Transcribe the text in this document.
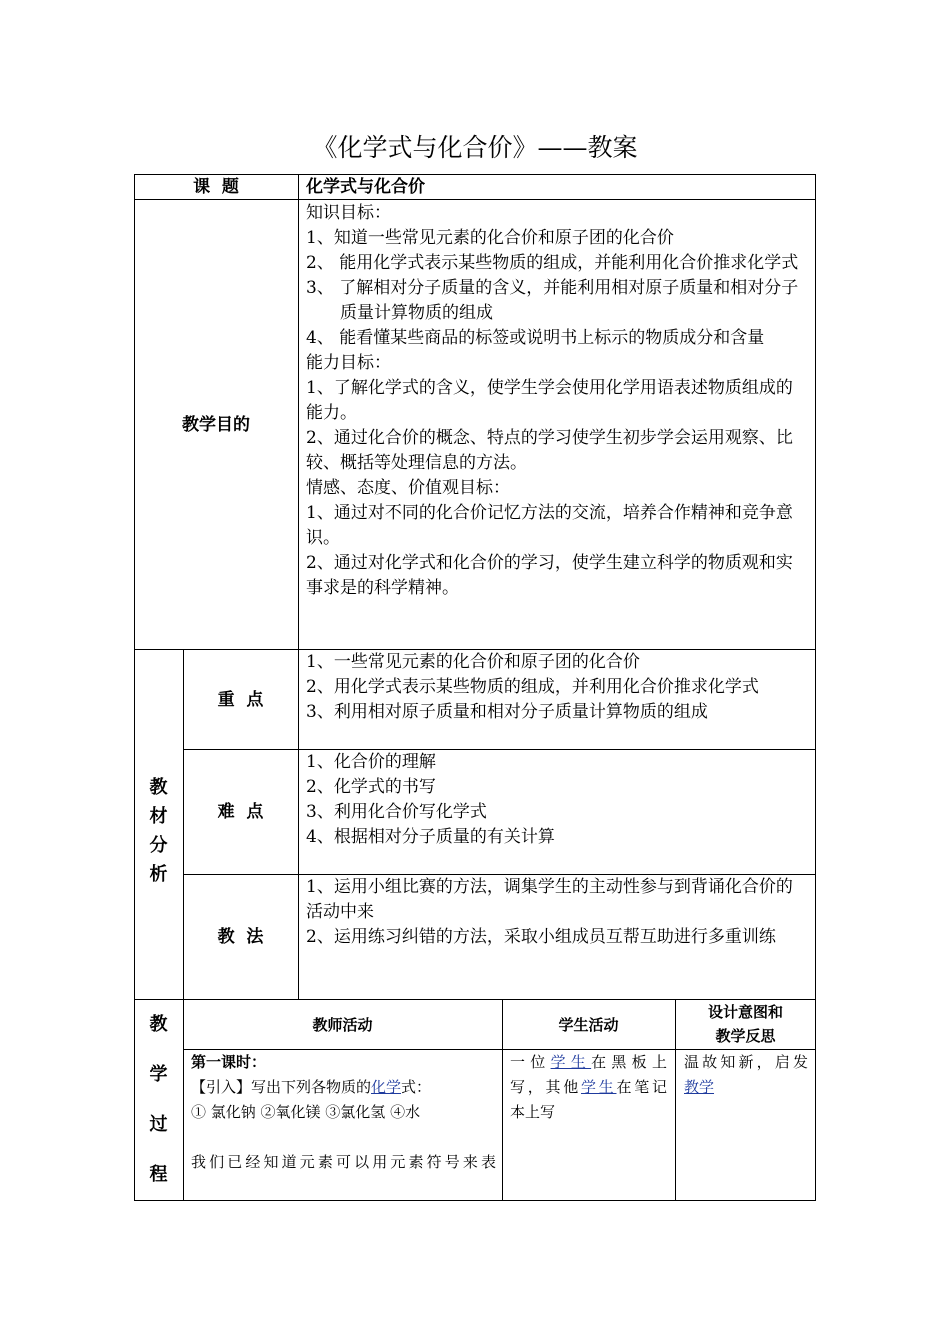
《化学式与化合价》——教案
课  题	化学式与化合价
教学目的

知识目标：

1、知道一些常见元素的化合价和原子团的化合价

2、 能用化学式表示某些物质的组成，并能利用化合价推求化学式

3、 了解相对分子质量的含义，并能利用相对原子质量和相对分子质量计算物质的组成

4、 能看懂某些商品的标签或说明书上标示的物质成分和含量

能力目标：

1、了解化学式的含义，使学生学会使用化学用语表述物质组成的能力。

2、通过化合价的概念、特点的学习使学生初步学会运用观察、比较、概括等处理信息的方法。

情感、态度、价值观目标：

1、通过对不同的化合价记忆方法的交流，培养合作精神和竞争意识。

2、通过对化学式和化合价的学习，使学生建立科学的物质观和实事求是的科学精神。

教
材
分
析
重  点

1、一些常见元素的化合价和原子团的化合价

2、用化学式表示某些物质的组成，并利用化合价推求化学式

3、利用相对原子质量和相对分子质量计算物质的组成

难  点

1、化合价的理解

2、化学式的书写

3、利用化合价写化学式

4、根据相对分子质量的有关计算

教  法

1、运用小组比赛的方法，调集学生的主动性参与到背诵化合价的活动中来

2、运用练习纠错的方法，采取小组成员互帮互助进行多重训练

教
学
过
程
教师活动	学生活动
设计意图和
教学反思

第一课时：

【引入】写出下列各物质的化学式：

① 氯化钠 ②氧化镁 ③氯化氢 ④水

我们已经知道元素可以用元素符号来表

一位学生在黑板上

写，其他学生在笔记

本上写

温故知新，启发

教学
